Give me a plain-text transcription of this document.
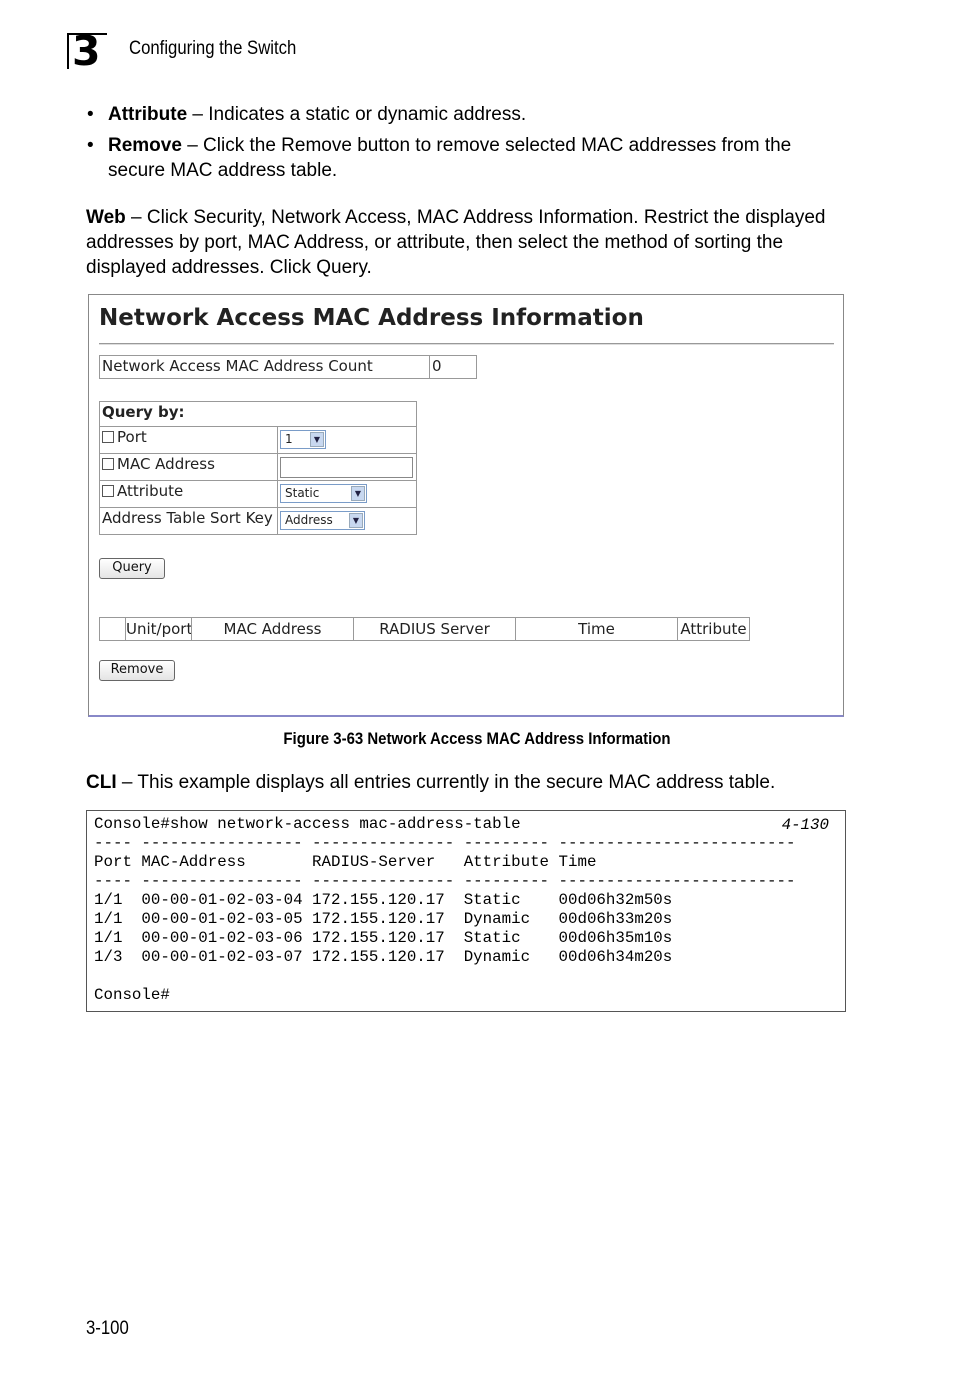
3 Configuring the Switch
• Attribute – Indicates a static or dynamic address.
• Remove – Click the Remove button to remove selected MAC addresses from the secure MAC address table.
Web – Click Security, Network Access, MAC Address Information. Restrict the displayed addresses by port, MAC Address, or attribute, then select the method of sorting the displayed addresses. Click Query.
Network Access MAC Address Information
Network Access MAC Address Count	0
Query by:
Port	1	▼
MAC Address
Attribute	Static	▼
Address Table Sort Key	Address	▼
Query
Unit/port	MAC Address	RADIUS Server	Time	Attribute
Remove
Figure 3-63 Network Access MAC Address Information
CLI – This example displays all entries currently in the secure MAC address table.
4-130
Console#show network-access mac-address-table
---- ----------------- --------------- --------- -------------------------
Port MAC-Address       RADIUS-Server   Attribute Time
---- ----------------- --------------- --------- -------------------------
1/1  00-00-01-02-03-04 172.155.120.17  Static    00d06h32m50s
1/1  00-00-01-02-03-05 172.155.120.17  Dynamic   00d06h33m20s
1/1  00-00-01-02-03-06 172.155.120.17  Static    00d06h35m10s
1/3  00-00-01-02-03-07 172.155.120.17  Dynamic   00d06h34m20s
Console#
3-100
